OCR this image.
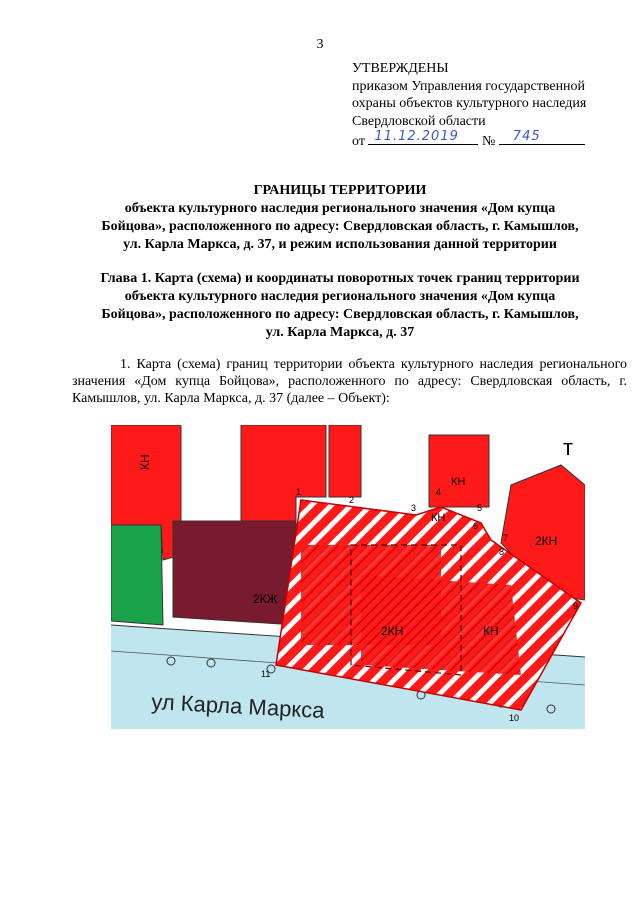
3
УТВЕРЖДЕНЫ
приказом Управления государственной
охраны объектов культурного наследия
Свердловской области
от 11.12.2019 № 745
ГРАНИЦЫ ТЕРРИТОРИИ
объекта культурного наследия регионального значения «Дом купца
Бойцова», расположенного по адресу: Свердловская область, г. Камышлов,
ул. Карла Маркса, д. 37, и режим использования данной территории
Глава 1. Карта (схема) и координаты поворотных точек границ территории
объекта культурного наследия регионального значения «Дом купца
Бойцова», расположенного по адресу: Свердловская область, г. Камышлов,
ул. Карла Маркса, д. 37
1. Карта (схема) границ территории объекта культурного наследия регионального значения «Дом купца Бойцова», расположенного по адресу: Свердловская область, г. Камышлов, ул. Карла Маркса, д. 37 (далее – Объект):
ул Карла Маркса
КН
2КЖ
КН
2КН
т
КН
2КН	КН
1
2
3
4
5
6
7
8
9
10
11
